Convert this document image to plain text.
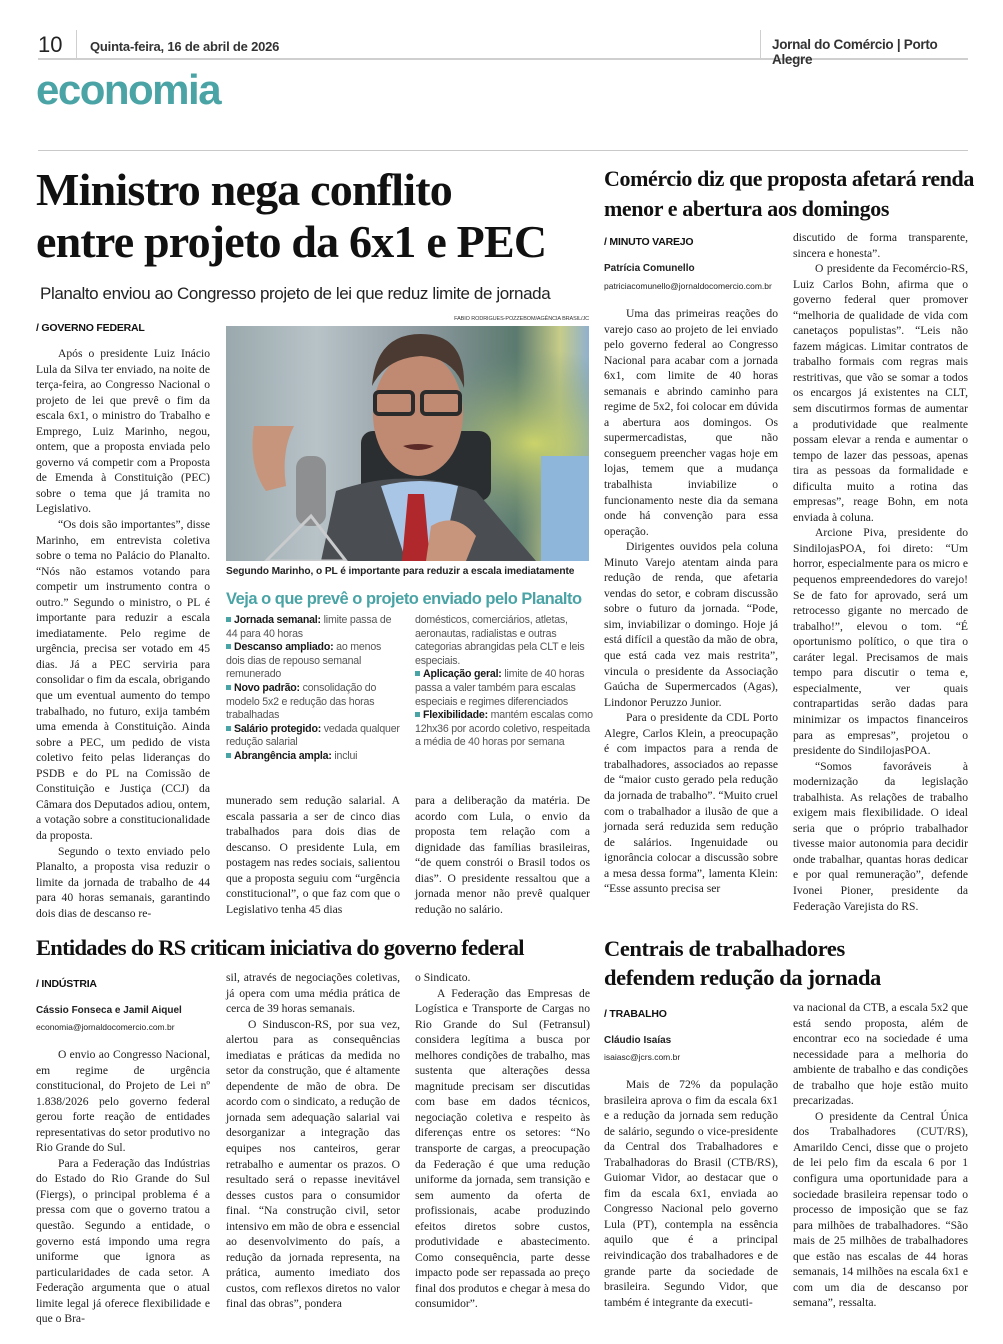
10 Quinta-feira, 16 de abril de 2026	Jornal do Comércio | Porto Alegre
economia
Ministro nega conflito
entre projeto da 6x1 e PEC
Planalto enviou ao Congresso projeto de lei que reduz limite de jornada
/ GOVERNO FEDERAL

Após o presidente Luiz Inácio Lula da Silva ter enviado, na noite de terça-feira, ao Congresso Nacional o projeto de lei que prevê o fim da escala 6x1, o ministro do Trabalho e Emprego, Luiz Marinho, negou, ontem, que a proposta enviada pelo governo vá competir com a Proposta de Emenda à Constituição (PEC) sobre o tema que já tramita no Legislativo.

“Os dois são importantes”, disse Marinho, em entrevista coletiva sobre o tema no Palácio do Planalto. “Nós não estamos votando para competir um instrumento contra o outro.” Segundo o ministro, o PL é importante para reduzir a escala imediatamente. Pelo regime de urgência, precisa ser votado em 45 dias. Já a PEC serviria para consolidar o fim da escala, obrigando que um eventual aumento do tempo trabalhado, no futuro, exija também uma emenda à Constituição. Ainda sobre a PEC, um pedido de vista coletivo feito pelas lideranças do PSDB e do PL na Comissão de Constituição e Justiça (CCJ) da Câmara dos Deputados adiou, ontem, a votação sobre a constitucionalidade da proposta.

Segundo o texto enviado pelo Planalto, a proposta visa reduzir o limite da jornada de trabalho de 44 para 40 horas semanais, garantindo dois dias de descanso re-

FABIO RODRIGUES-POZZEBOM/AGÊNCIA BRASIL/JC
Segundo Marinho, o PL é importante para reduzir a escala imediatamente
Veja o que prevê o projeto enviado pelo Planalto
Jornada semanal: limite passa de 44 para 40 horas
Descanso ampliado: ao menos dois dias de repouso semanal remunerado
Novo padrão: consolidação do modelo 5x2 e redução das horas trabalhadas
Salário protegido: vedada qualquer redução salarial
Abrangência ampla: inclui
domésticos, comerciários, atletas, aeronautas, radialistas e outras categorias abrangidas pela CLT e leis especiais.
Aplicação geral: limite de 40 horas passa a valer também para escalas especiais e regimes diferenciados
Flexibilidade: mantém escalas como 12hx36 por acordo coletivo, respeitada a média de 40 horas por semana

munerado sem redução salarial. A escala passaria a ser de cinco dias trabalhados para dois dias de descanso. O presidente Lula, em postagem nas redes sociais, salientou que a proposta seguiu com “urgência constitucional”, o que faz com que o Legislativo tenha 45 dias

para a deliberação da matéria. De acordo com Lula, o envio da proposta tem relação com a dignidade das famílias brasileiras, “de quem constrói o Brasil todos os dias”. O presidente ressaltou que a jornada menor não prevê qualquer redução no salário.

Comércio diz que proposta afetará renda menor e abertura aos domingos
/ MINUTO VAREJO
Patrícia Comunello
patriciacomunello@jornaldocomercio.com.br

Uma das primeiras reações do varejo caso ao projeto de lei enviado pelo governo federal ao Congresso Nacional para acabar com a jornada 6x1, com limite de 40 horas semanais e abrindo caminho para regime de 5x2, foi colocar em dúvida a abertura aos domingos. Os supermercadistas, que não conseguem preencher vagas hoje em lojas, temem que a mudança trabalhista inviabilize o funcionamento neste dia da semana onde há convenção para essa operação.

Dirigentes ouvidos pela coluna Minuto Varejo atentam ainda para redução de renda, que afetaria vendas do setor, e cobram discussão sobre o futuro da jornada. “Pode, sim, inviabilizar o domingo. Hoje já está difícil a questão da mão de obra, que está cada vez mais restrita”, vincula o presidente da Associação Gaúcha de Supermercados (Agas), Lindonor Peruzzo Junior.

Para o presidente da CDL Porto Alegre, Carlos Klein, a preocupação é com impactos para a renda de trabalhadores, associados ao repasse de “maior custo gerado pela redução da jornada de trabalho”. “Muito cruel com o trabalhador a ilusão de que a jornada será reduzida sem redução de salários. Ingenuidade ou ignorância colocar a discussão sobre a mesa dessa forma”, lamenta Klein: “Esse assunto precisa ser

discutido de forma transparente, sincera e honesta”.

O presidente da Fecomércio-RS, Luiz Carlos Bohn, afirma que o governo federal quer promover “melhoria de qualidade de vida com canetaços populistas”. “Leis não fazem mágicas. Limitar contratos de trabalho formais com regras mais restritivas, que vão se somar a todos os encargos já existentes na CLT, sem discutirmos formas de aumentar a produtividade que realmente possam elevar a renda e aumentar o tempo de lazer das pessoas, apenas tira as pessoas da formalidade e dificulta muito a rotina das empresas”, reage Bohn, em nota enviada à coluna.

Arcione Piva, presidente do SindilojasPOA, foi direto: “Um horror, especialmente para os micro e pequenos empreendedores do varejo! Se de fato for aprovado, será um retrocesso gigante no mercado de trabalho!”, elevou o tom. “É oportunismo político, o que tira o caráter legal. Precisamos de mais tempo para discutir o tema e, especialmente, ver quais contrapartidas serão dadas para minimizar os impactos financeiros para as empresas”, projetou o presidente do SindilojasPOA.

“Somos favoráveis à modernização da legislação trabalhista. As relações de trabalho exigem mais flexibilidade. O ideal seria que o próprio trabalhador tivesse maior autonomia para decidir onde trabalhar, quantas horas dedicar e por qual remuneração”, defende Ivonei Pioner, presidente da Federação Varejista do RS.

Entidades do RS criticam iniciativa do governo federal
/ INDÚSTRIA
Cássio Fonseca e Jamil Aiquel
economia@jornaldocomercio.com.br

O envio ao Congresso Nacional, em regime de urgência constitucional, do Projeto de Lei nº 1.838/2026 pelo governo federal gerou forte reação de entidades representativas do setor produtivo no Rio Grande do Sul.

Para a Federação das Indústrias do Estado do Rio Grande do Sul (Fiergs), o principal problema é a pressa com que o governo tratou a questão. Segundo a entidade, o governo está impondo uma regra uniforme que ignora as particularidades de cada setor. A Federação argumenta que o atual limite legal já oferece flexibilidade e que o Bra-

sil, através de negociações coletivas, já opera com uma média prática de cerca de 39 horas semanais.

O Sinduscon-RS, por sua vez, alertou para as consequências imediatas e práticas da medida no setor da construção, que é altamente dependente de mão de obra. De acordo com o sindicato, a redução de jornada sem adequação salarial vai desorganizar a integração das equipes nos canteiros, gerar retrabalho e aumentar os prazos. O resultado será o repasse inevitável desses custos para o consumidor final. “Na construção civil, setor intensivo em mão de obra e essencial ao desenvolvimento do país, a redução da jornada representa, na prática, aumento imediato dos custos, com reflexos diretos no valor final das obras”, pondera

o Sindicato.

A Federação das Empresas de Logística e Transporte de Cargas no Rio Grande do Sul (Fetransul) considera legítima a busca por melhores condições de trabalho, mas sustenta que alterações dessa magnitude precisam ser discutidas com base em dados técnicos, negociação coletiva e respeito às diferenças entre os setores: “No transporte de cargas, a preocupação da Federação é que uma redução uniforme da jornada, sem transição e sem aumento da oferta de profissionais, acabe produzindo efeitos diretos sobre custos, produtividade e abastecimento. Como consequência, parte desse impacto pode ser repassada ao preço final dos produtos e chegar à mesa do consumidor”.

Centrais de trabalhadores
defendem redução da jornada
/ TRABALHO
Cláudio Isaías
isaiasc@jcrs.com.br

Mais de 72% da população brasileira aprova o fim da escala 6x1 e a redução da jornada sem redução de salário, segundo o vice-presidente da Central dos Trabalhadores e Trabalhadoras do Brasil (CTB/RS), Guiomar Vidor, ao destacar que o fim da escala 6x1, enviada ao Congresso Nacional pelo governo Lula (PT), contempla na essência aquilo que é a principal reivindicação dos trabalhadores e de grande parte da sociedade de brasileira. Segundo Vidor, que também é integrante da executi-

va nacional da CTB, a escala 5x2 que está sendo proposta, além de encontrar eco na sociedade é uma necessidade para a melhoria do ambiente de trabalho e das condições de trabalho que hoje estão muito precarizadas.

O presidente da Central Única dos Trabalhadores (CUT/RS), Amarildo Cenci, disse que o projeto de lei pelo fim da escala 6 por 1 configura uma oportunidade para a sociedade brasileira repensar todo o processo de imposição que se faz para milhões de trabalhadores. “São mais de 25 milhões de trabalhadores que estão nas escalas de 44 horas semanais, 14 milhões na escala 6x1 e com um dia de descanso por semana”, ressalta.
